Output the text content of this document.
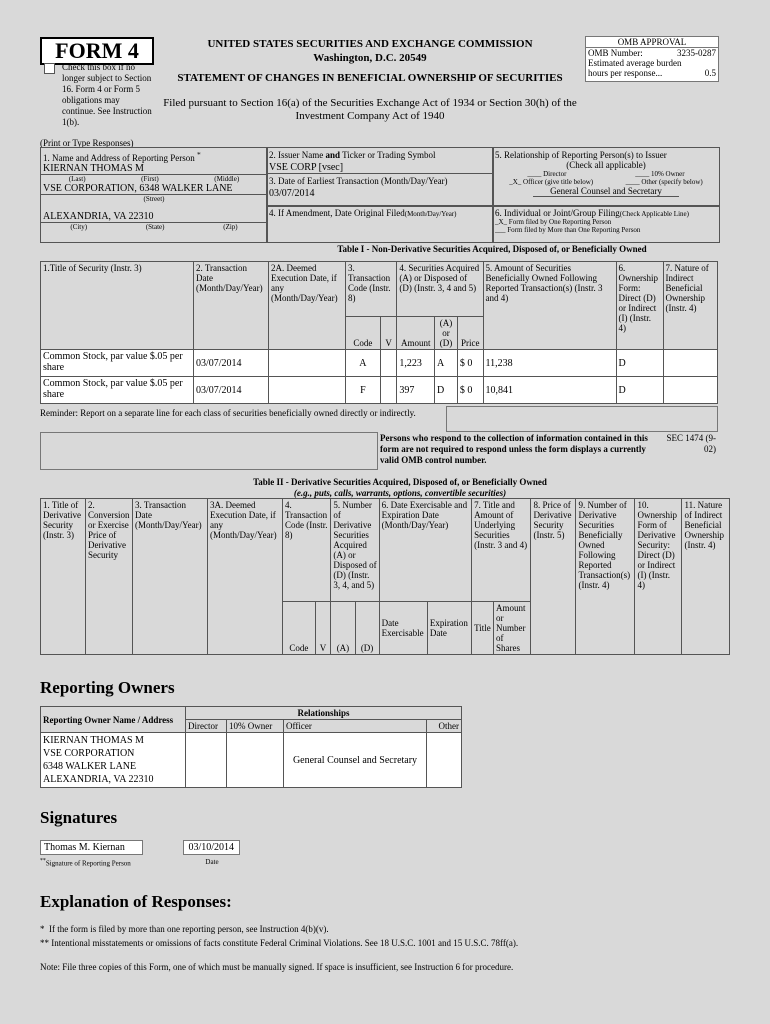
FORM 4
Check this box if no longer subject to Section 16. Form 4 or Form 5 obligations may continue. See Instruction 1(b).
UNITED STATES SECURITIES AND EXCHANGE COMMISSION
Washington, D.C. 20549
STATEMENT OF CHANGES IN BENEFICIAL OWNERSHIP OF SECURITIES
Filed pursuant to Section 16(a) of the Securities Exchange Act of 1934 or Section 30(h) of the Investment Company Act of 1940
OMB APPROVAL
OMB Number:	3235-0287
Estimated average burden
hours per response...	0.5
(Print or Type Responses)
1. Name and Address of Reporting Person *
KIERNAN THOMAS M
(Last)	(First)	(Middle)
VSE CORPORATION, 6348 WALKER LANE
(Street)
ALEXANDRIA, VA 22310
(City)	(State)	(Zip)
2. Issuer Name and Ticker or Trading Symbol
VSE CORP [vsec]
3. Date of Earliest Transaction (Month/Day/Year)
03/07/2014
4. If Amendment, Date Original Filed(Month/Day/Year)
5. Relationship of Reporting Person(s) to Issuer
(Check all applicable)
____ Director	____ 10% Owner
_X_ Officer (give title below)	____ Other (specify below)
General Counsel and Secretary
6. Individual or Joint/Group Filing(Check Applicable Line)
_X_ Form filed by One Reporting Person
___ Form filed by More than One Reporting Person
Table I - Non-Derivative Securities Acquired, Disposed of, or Beneficially Owned
1.Title of Security (Instr. 3)	2. Transaction Date (Month/Day/Year)	2A. Deemed Execution Date, if any (Month/Day/Year)	3. Transaction Code (Instr. 8)		4. Securities Acquired (A) or Disposed of (D) (Instr. 3, 4 and 5)			5. Amount of Securities Beneficially Owned Following Reported Transaction(s) (Instr. 3 and 4)	6. Ownership Form: Direct (D) or Indirect (I) (Instr. 4)	7. Nature of Indirect Beneficial Ownership (Instr. 4)
			Code	V	Amount	(A) or (D)	Price			
Common Stock, par value $.05 per share	03/07/2014		A		1,223	A	$ 0	11,238	D	
Common Stock, par value $.05 per share	03/07/2014		F		397	D	$ 0	10,841	D	
Reminder: Report on a separate line for each class of securities beneficially owned directly or indirectly.
Persons who respond to the collection of information contained in this form are not required to respond unless the form displays a currently valid OMB control number.
SEC 1474 (9-02)
Table II - Derivative Securities Acquired, Disposed of, or Beneficially Owned
(e.g., puts, calls, warrants, options, convertible securities)
1. Title of Derivative Security (Instr. 3)	2. Conversion or Exercise Price of Derivative Security	3. Transaction Date (Month/Day/Year)	3A. Deemed Execution Date, if any (Month/Day/Year)	4. Transaction Code (Instr. 8)		5. Number of Derivative Securities Acquired (A) or Disposed of (D) (Instr. 3, 4, and 5)		6. Date Exercisable and Expiration Date (Month/Day/Year)		7. Title and Amount of Underlying Securities (Instr. 3 and 4)		8. Price of Derivative Security (Instr. 5)	9. Number of Derivative Securities Beneficially Owned Following Reported Transaction(s) (Instr. 4)	10. Ownership Form of Derivative Security: Direct (D) or Indirect (I) (Instr. 4)	11. Nature of Indirect Beneficial Ownership (Instr. 4)
				Code	V	(A)	(D)	Date Exercisable	Expiration Date	Title	Amount or Number of Shares				
Reporting Owners
Reporting Owner Name / Address	Relationships			
	Director	10% Owner	Officer	Other

KIERNAN THOMAS M
VSE CORPORATION
6348 WALKER LANE
ALEXANDRIA, VA 22310			General Counsel and Secretary	
Signatures
Thomas M. Kiernan	03/10/2014
**Signature of Reporting Person	Date
Explanation of Responses:
* If the form is filed by more than one reporting person, see Instruction 4(b)(v).
** Intentional misstatements or omissions of facts constitute Federal Criminal Violations. See 18 U.S.C. 1001 and 15 U.S.C. 78ff(a).
Note: File three copies of this Form, one of which must be manually signed. If space is insufficient, see Instruction 6 for procedure.
